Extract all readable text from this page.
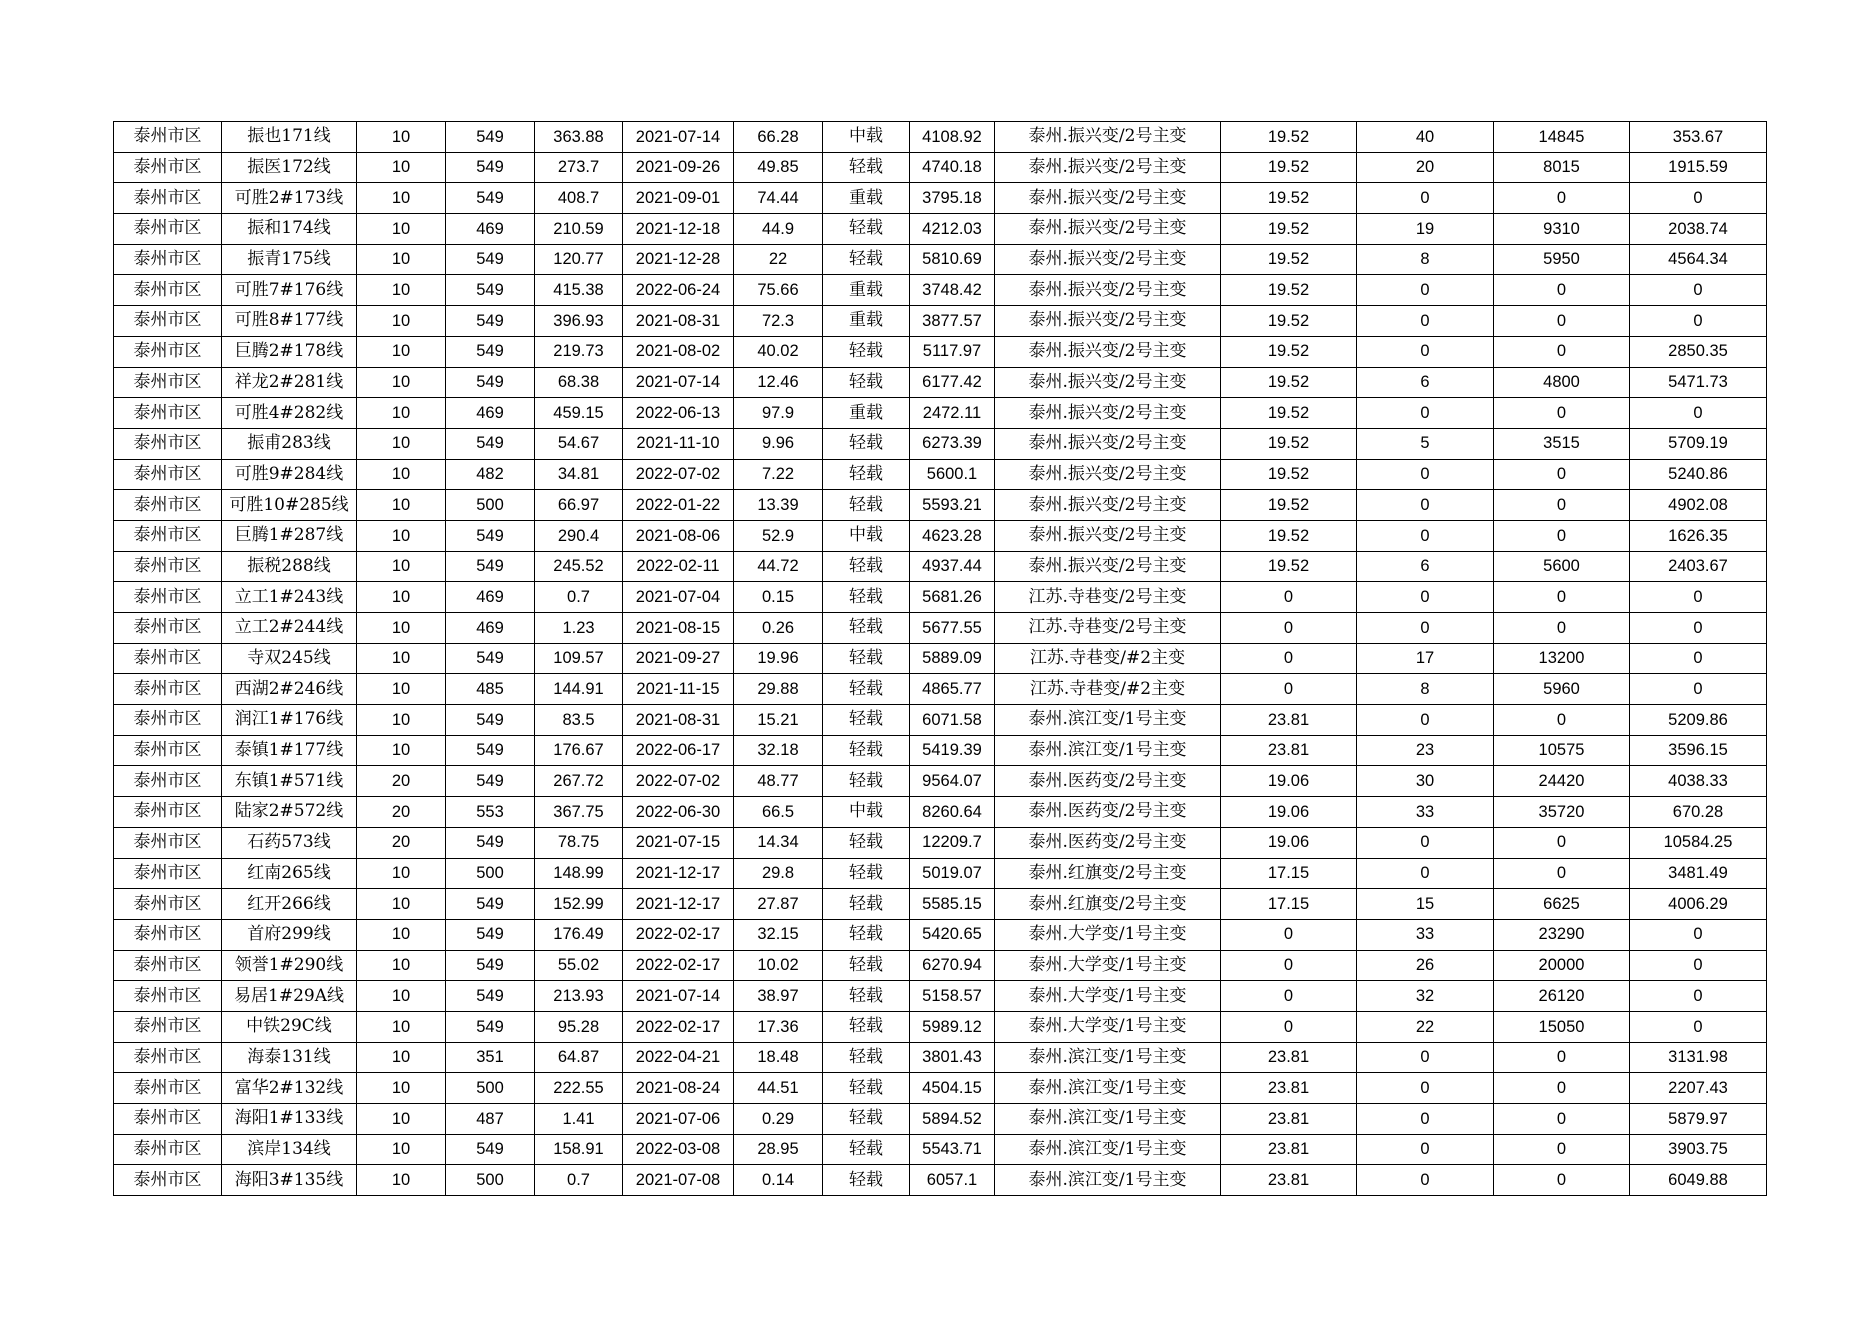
泰州市区	振也171线	10	549	363.88	2021-07-14	66.28	中载	4108.92	泰州.振兴变/2号主变	19.52	40	14845	353.67
泰州市区	振医172线	10	549	273.7	2021-09-26	49.85	轻载	4740.18	泰州.振兴变/2号主变	19.52	20	8015	1915.59
泰州市区	可胜2#173线	10	549	408.7	2021-09-01	74.44	重载	3795.18	泰州.振兴变/2号主变	19.52	0	0	0
泰州市区	振和174线	10	469	210.59	2021-12-18	44.9	轻载	4212.03	泰州.振兴变/2号主变	19.52	19	9310	2038.74
泰州市区	振青175线	10	549	120.77	2021-12-28	22	轻载	5810.69	泰州.振兴变/2号主变	19.52	8	5950	4564.34
泰州市区	可胜7#176线	10	549	415.38	2022-06-24	75.66	重载	3748.42	泰州.振兴变/2号主变	19.52	0	0	0
泰州市区	可胜8#177线	10	549	396.93	2021-08-31	72.3	重载	3877.57	泰州.振兴变/2号主变	19.52	0	0	0
泰州市区	巨腾2#178线	10	549	219.73	2021-08-02	40.02	轻载	5117.97	泰州.振兴变/2号主变	19.52	0	0	2850.35
泰州市区	祥龙2#281线	10	549	68.38	2021-07-14	12.46	轻载	6177.42	泰州.振兴变/2号主变	19.52	6	4800	5471.73
泰州市区	可胜4#282线	10	469	459.15	2022-06-13	97.9	重载	2472.11	泰州.振兴变/2号主变	19.52	0	0	0
泰州市区	振甫283线	10	549	54.67	2021-11-10	9.96	轻载	6273.39	泰州.振兴变/2号主变	19.52	5	3515	5709.19
泰州市区	可胜9#284线	10	482	34.81	2022-07-02	7.22	轻载	5600.1	泰州.振兴变/2号主变	19.52	0	0	5240.86
泰州市区	可胜10#285线	10	500	66.97	2022-01-22	13.39	轻载	5593.21	泰州.振兴变/2号主变	19.52	0	0	4902.08
泰州市区	巨腾1#287线	10	549	290.4	2021-08-06	52.9	中载	4623.28	泰州.振兴变/2号主变	19.52	0	0	1626.35
泰州市区	振税288线	10	549	245.52	2022-02-11	44.72	轻载	4937.44	泰州.振兴变/2号主变	19.52	6	5600	2403.67
泰州市区	立工1#243线	10	469	0.7	2021-07-04	0.15	轻载	5681.26	江苏.寺巷变/2号主变	0	0	0	0
泰州市区	立工2#244线	10	469	1.23	2021-08-15	0.26	轻载	5677.55	江苏.寺巷变/2号主变	0	0	0	0
泰州市区	寺双245线	10	549	109.57	2021-09-27	19.96	轻载	5889.09	江苏.寺巷变/#2主变	0	17	13200	0
泰州市区	西湖2#246线	10	485	144.91	2021-11-15	29.88	轻载	4865.77	江苏.寺巷变/#2主变	0	8	5960	0
泰州市区	润江1#176线	10	549	83.5	2021-08-31	15.21	轻载	6071.58	泰州.滨江变/1号主变	23.81	0	0	5209.86
泰州市区	泰镇1#177线	10	549	176.67	2022-06-17	32.18	轻载	5419.39	泰州.滨江变/1号主变	23.81	23	10575	3596.15
泰州市区	东镇1#571线	20	549	267.72	2022-07-02	48.77	轻载	9564.07	泰州.医药变/2号主变	19.06	30	24420	4038.33
泰州市区	陆家2#572线	20	553	367.75	2022-06-30	66.5	中载	8260.64	泰州.医药变/2号主变	19.06	33	35720	670.28
泰州市区	石药573线	20	549	78.75	2021-07-15	14.34	轻载	12209.7	泰州.医药变/2号主变	19.06	0	0	10584.25
泰州市区	红南265线	10	500	148.99	2021-12-17	29.8	轻载	5019.07	泰州.红旗变/2号主变	17.15	0	0	3481.49
泰州市区	红开266线	10	549	152.99	2021-12-17	27.87	轻载	5585.15	泰州.红旗变/2号主变	17.15	15	6625	4006.29
泰州市区	首府299线	10	549	176.49	2022-02-17	32.15	轻载	5420.65	泰州.大学变/1号主变	0	33	23290	0
泰州市区	领誉1#290线	10	549	55.02	2022-02-17	10.02	轻载	6270.94	泰州.大学变/1号主变	0	26	20000	0
泰州市区	易居1#29A线	10	549	213.93	2021-07-14	38.97	轻载	5158.57	泰州.大学变/1号主变	0	32	26120	0
泰州市区	中铁29C线	10	549	95.28	2022-02-17	17.36	轻载	5989.12	泰州.大学变/1号主变	0	22	15050	0
泰州市区	海泰131线	10	351	64.87	2022-04-21	18.48	轻载	3801.43	泰州.滨江变/1号主变	23.81	0	0	3131.98
泰州市区	富华2#132线	10	500	222.55	2021-08-24	44.51	轻载	4504.15	泰州.滨江变/1号主变	23.81	0	0	2207.43
泰州市区	海阳1#133线	10	487	1.41	2021-07-06	0.29	轻载	5894.52	泰州.滨江变/1号主变	23.81	0	0	5879.97
泰州市区	滨岸134线	10	549	158.91	2022-03-08	28.95	轻载	5543.71	泰州.滨江变/1号主变	23.81	0	0	3903.75
泰州市区	海阳3#135线	10	500	0.7	2021-07-08	0.14	轻载	6057.1	泰州.滨江变/1号主变	23.81	0	0	6049.88
